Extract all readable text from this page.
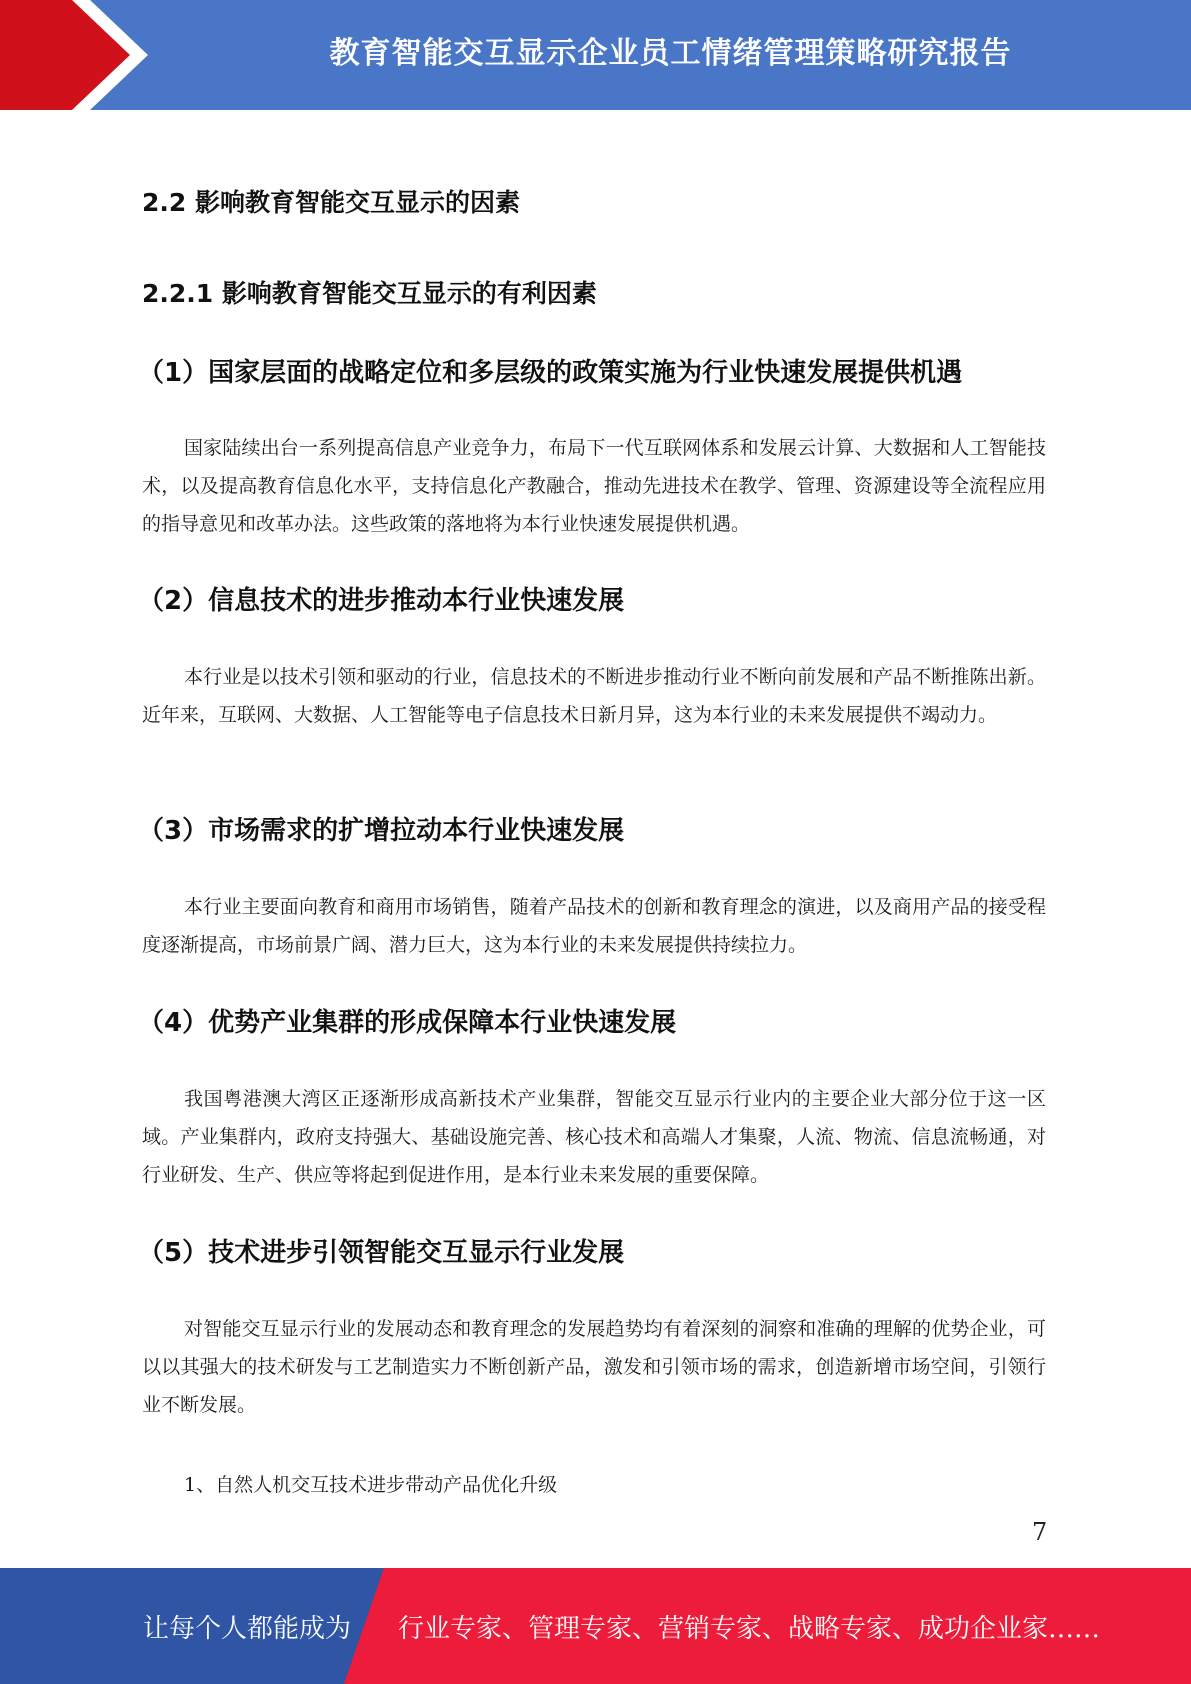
教育智能交互显示企业员工情绪管理策略研究报告
2.2 影响教育智能交互显示的因素
2.2.1 影响教育智能交互显示的有利因素
（1）国家层面的战略定位和多层级的政策实施为行业快速发展提供机遇
国家陆续出台一系列提高信息产业竞争力，布局下一代互联网体系和发展云计算、大数据和人工智能技术，以及提高教育信息化水平，支持信息化产教融合，推动先进技术在教学、管理、资源建设等全流程应用的指导意见和改革办法。这些政策的落地将为本行业快速发展提供机遇。
（2）信息技术的进步推动本行业快速发展
本行业是以技术引领和驱动的行业，信息技术的不断进步推动行业不断向前发展和产品不断推陈出新。近年来，互联网、大数据、人工智能等电子信息技术日新月异，这为本行业的未来发展提供不竭动力。
（3）市场需求的扩增拉动本行业快速发展
本行业主要面向教育和商用市场销售，随着产品技术的创新和教育理念的演进，以及商用产品的接受程度逐渐提高，市场前景广阔、潜力巨大，这为本行业的未来发展提供持续拉力。
（4）优势产业集群的形成保障本行业快速发展
我国粤港澳大湾区正逐渐形成高新技术产业集群，智能交互显示行业内的主要企业大部分位于这一区域。产业集群内，政府支持强大、基础设施完善、核心技术和高端人才集聚，人流、物流、信息流畅通，对行业研发、生产、供应等将起到促进作用，是本行业未来发展的重要保障。
（5）技术进步引领智能交互显示行业发展
对智能交互显示行业的发展动态和教育理念的发展趋势均有着深刻的洞察和准确的理解的优势企业，可以以其强大的技术研发与工艺制造实力不断创新产品，激发和引领市场的需求，创造新增市场空间，引领行业不断发展。
1、自然人机交互技术进步带动产品优化升级
7
让每个人都能成为 行业专家、管理专家、营销专家、战略专家、成功企业家……
